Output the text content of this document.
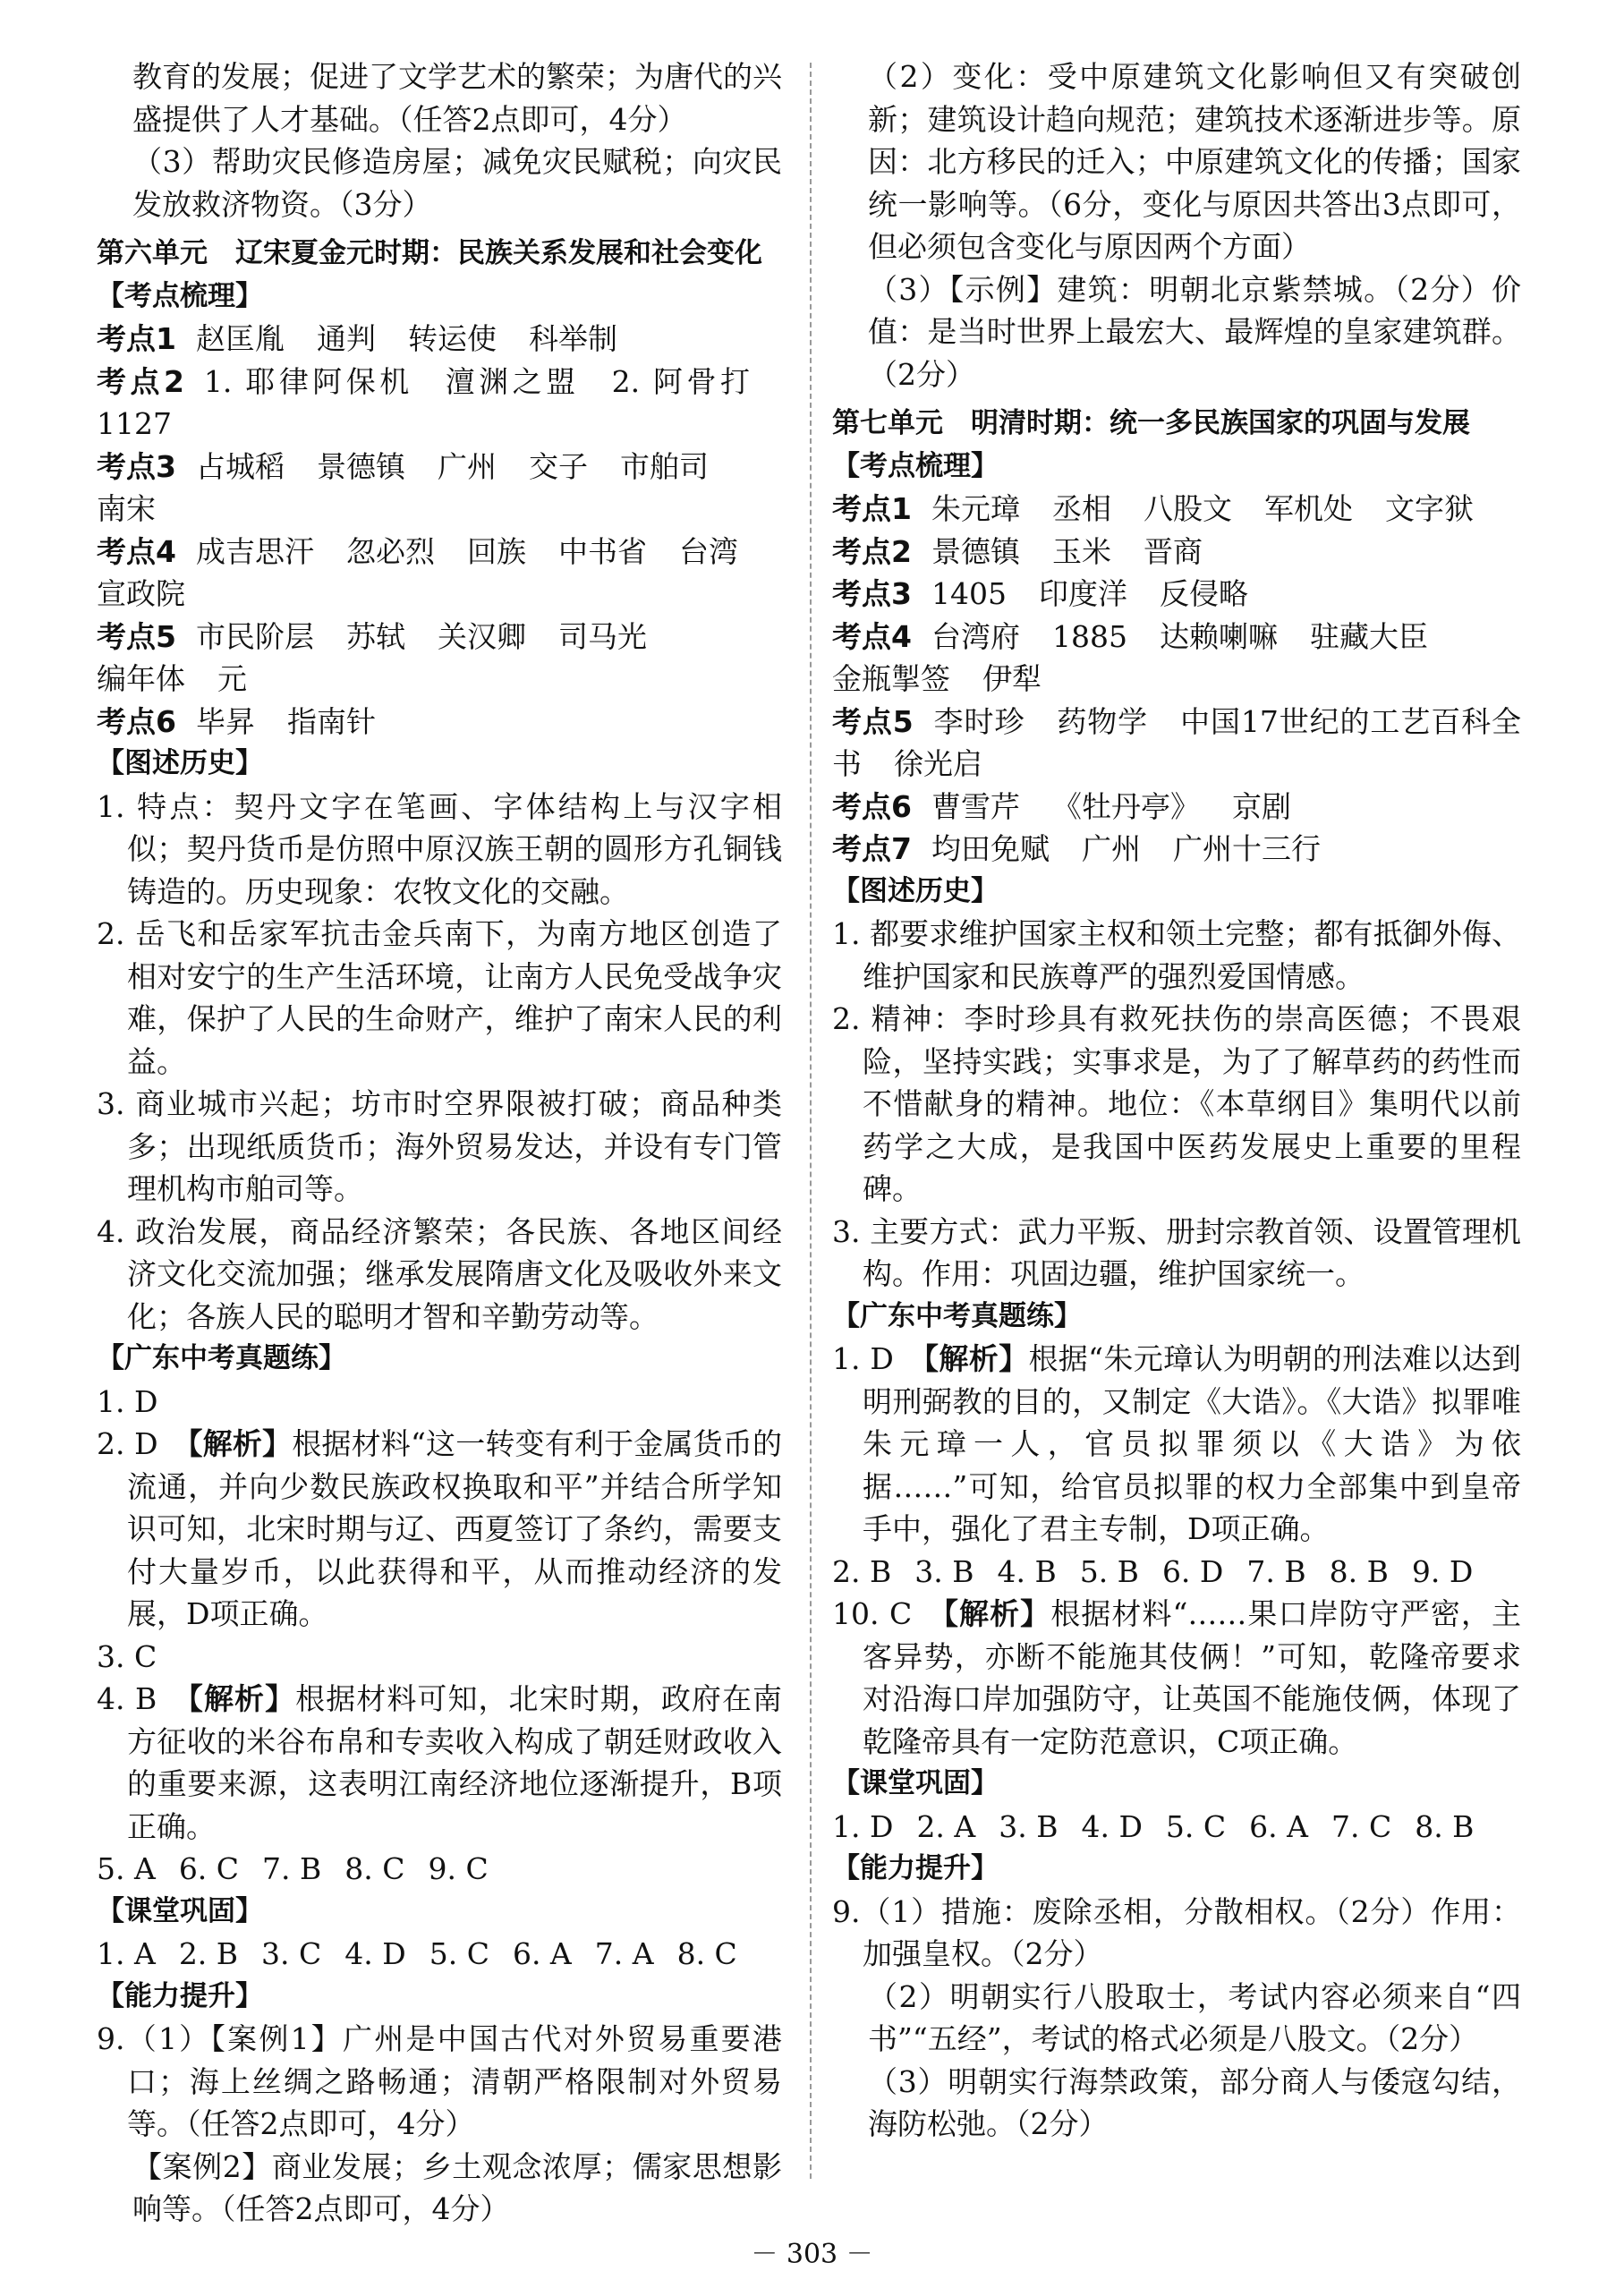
教育的发展；促进了文学艺术的繁荣；为唐代的兴盛提供了人才基础。（任答2点即可，4分）

（3）帮助灾民修造房屋；减免灾民赋税；向灾民发放救济物资。（3分）

第六单元　辽宋夏金元时期：民族关系发展和社会变化

【考点梳理】

考点1 赵匡胤 通判 转运使 科举制

考点2 1. 耶律阿保机 澶渊之盟 2. 阿骨打1127

考点3 占城稻 景德镇 广州 交子 市舶司
南宋

考点4 成吉思汗 忽必烈 回族 中书省 台湾
宣政院

考点5 市民阶层 苏轼 关汉卿 司马光
编年体 元

考点6 毕昇 指南针

【图述历史】

1. 特点：契丹文字在笔画、字体结构上与汉字相似；契丹货币是仿照中原汉族王朝的圆形方孔铜钱铸造的。历史现象：农牧文化的交融。

2. 岳飞和岳家军抗击金兵南下，为南方地区创造了相对安宁的生产生活环境，让南方人民免受战争灾难，保护了人民的生命财产，维护了南宋人民的利益。

3. 商业城市兴起；坊市时空界限被打破；商品种类多；出现纸质货币；海外贸易发达，并设有专门管理机构市舶司等。

4. 政治发展，商品经济繁荣；各民族、各地区间经济文化交流加强；继承发展隋唐文化及吸收外来文化；各族人民的聪明才智和辛勤劳动等。

【广东中考真题练】

1. D

2. D　 【解析】根据材料“这一转变有利于金属货币的流通，并向少数民族政权换取和平”并结合所学知识可知，北宋时期与辽、西夏签订了条约，需要支付大量岁币，以此获得和平，从而推动经济的发展，D项正确。

3. C

4. B　 【解析】根据材料可知，北宋时期，政府在南方征收的米谷布帛和专卖收入构成了朝廷财政收入的重要来源，这表明江南经济地位逐渐提升，B项正确。

5. A 6. C 7. B 8. C 9. C

【课堂巩固】

1. A 2. B 3. C 4. D 5. C 6. A 7. A 8. C

【能力提升】

9.（1）【案例1】广州是中国古代对外贸易重要港口；海上丝绸之路畅通；清朝严格限制对外贸易等。（任答2点即可，4分）

【案例2】商业发展；乡土观念浓厚；儒家思想影响等。（任答2点即可，4分）

（2）变化：受中原建筑文化影响但又有突破创新；建筑设计趋向规范；建筑技术逐渐进步等。原因：北方移民的迁入；中原建筑文化的传播；国家统一影响等。（6分，变化与原因共答出3点即可，但必须包含变化与原因两个方面）

（3）【示例】建筑：明朝北京紫禁城。（2分）价值：是当时世界上最宏大、最辉煌的皇家建筑群。（2分）

第七单元　明清时期：统一多民族国家的巩固与发展

【考点梳理】

考点1 朱元璋 丞相 八股文 军机处 文字狱

考点2 景德镇 玉米 晋商

考点3 1405 印度洋 反侵略

考点4 台湾府 1885 达赖喇嘛 驻藏大臣
金瓶掣签 伊犁

考点5 李时珍 药物学 中国17世纪的工艺百科全书 徐光启

考点6 曹雪芹 《牡丹亭》 京剧

考点7 均田免赋 广州 广州十三行

【图述历史】

1. 都要求维护国家主权和领土完整；都有抵御外侮、维护国家和民族尊严的强烈爱国情感。

2. 精神：李时珍具有救死扶伤的崇高医德；不畏艰险，坚持实践；实事求是，为了了解草药的药性而不惜献身的精神。地位：《本草纲目》集明代以前药学之大成，是我国中医药发展史上重要的里程碑。

3. 主要方式：武力平叛、册封宗教首领、设置管理机构。作用：巩固边疆，维护国家统一。

【广东中考真题练】

1. D　 【解析】根据“朱元璋认为明朝的刑法难以达到明刑弼教的目的，又制定《大诰》。《大诰》拟罪唯朱元璋一人，官员拟罪须以《大诰》为依据……”可知，给官员拟罪的权力全部集中到皇帝手中，强化了君主专制，D项正确。

2. B 3. B 4. B 5. B 6. D 7. B 8. B 9. D

10. C　 【解析】根据材料“……果口岸防守严密，主客异势，亦断不能施其伎俩！”可知，乾隆帝要求对沿海口岸加强防守，让英国不能施伎俩，体现了乾隆帝具有一定防范意识，C项正确。

【课堂巩固】

1. D 2. A 3. B 4. D 5. C 6. A 7. C 8. B

【能力提升】

9.（1）措施：废除丞相，分散相权。（2分）作用：加强皇权。（2分）

（2）明朝实行八股取士，考试内容必须来自“四书”“五经”，考试的格式必须是八股文。（2分）

（3）明朝实行海禁政策，部分商人与倭寇勾结，海防松弛。（2分）

－ 303 －
